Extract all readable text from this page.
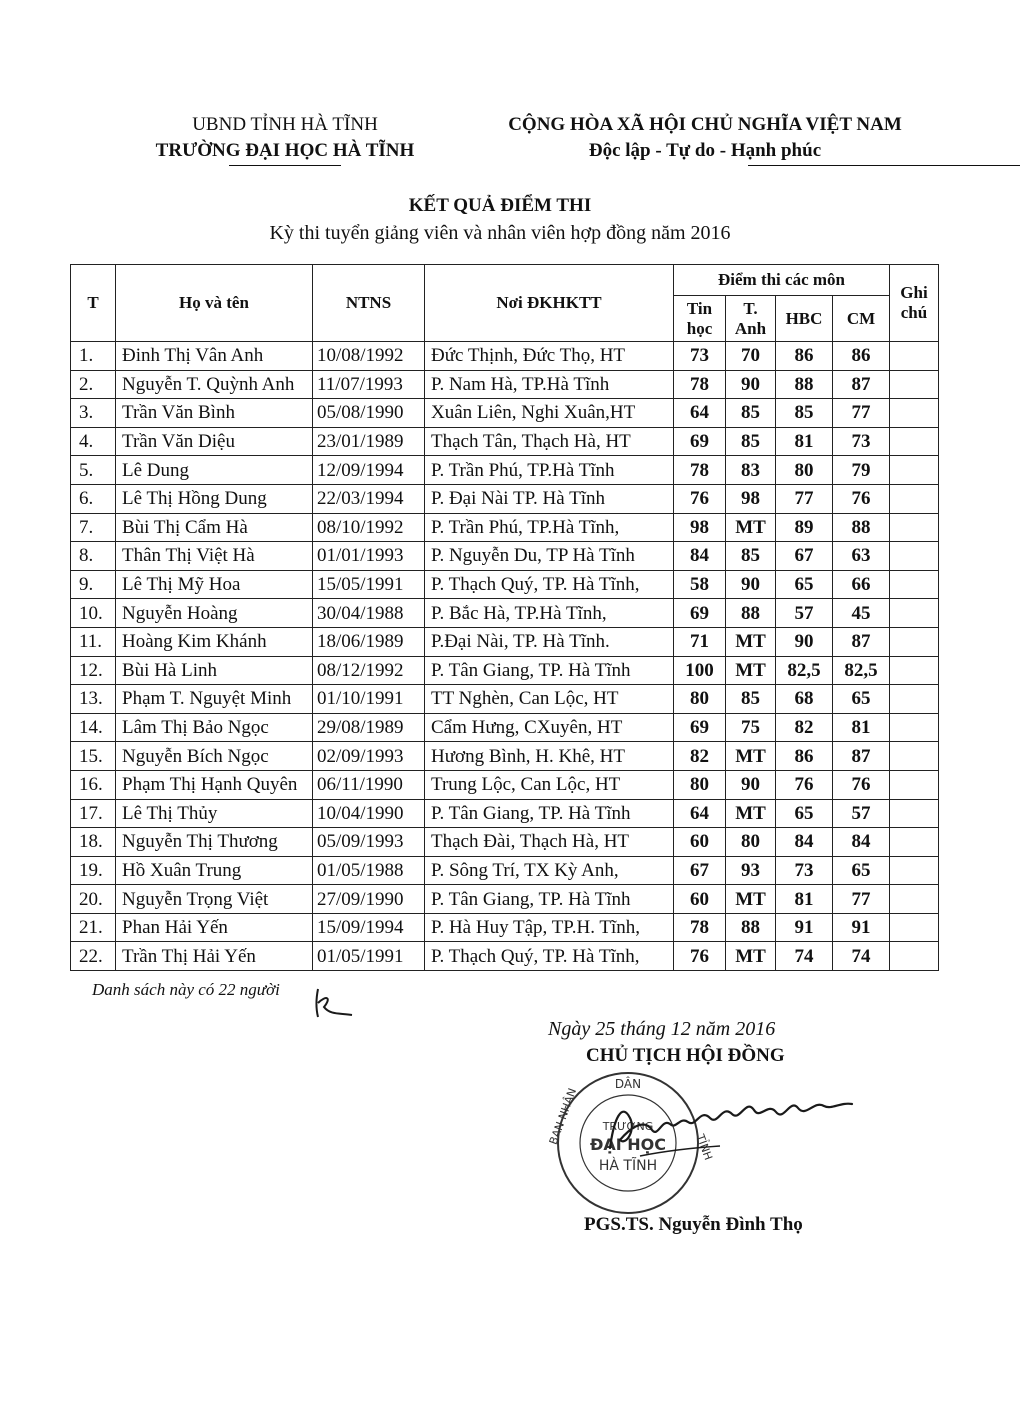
UBND TỈNH HÀ TĨNH
TRƯỜNG ĐẠI HỌC HÀ TĨNH
CỘNG HÒA XÃ HỘI CHỦ NGHĨA VIỆT NAM
Độc lập - Tự do - Hạnh phúc
KẾT QUẢ ĐIỂM THI
Kỳ thi tuyển giảng viên và nhân viên hợp đồng năm 2016
T	Họ và tên	NTNS	Nơi ĐKHKTT	Điểm thi các môn				Ghi chú
				Tin học	T. Anh	HBC	CM	
1.	Đinh Thị Vân Anh	10/08/1992	Đức Thịnh, Đức Thọ, HT	73	70	86	86	
2.	Nguyễn T. Quỳnh Anh	11/07/1993	P. Nam Hà, TP.Hà Tĩnh	78	90	88	87	
3.	Trần Văn Bình	05/08/1990	Xuân Liên, Nghi Xuân,HT	64	85	85	77	
4.	Trần Văn Diệu	23/01/1989	Thạch Tân, Thạch Hà, HT	69	85	81	73	
5.	Lê Dung	12/09/1994	P. Trần Phú, TP.Hà Tĩnh	78	83	80	79	
6.	Lê Thị Hồng Dung	22/03/1994	P. Đại Nài TP. Hà Tĩnh	76	98	77	76	
7.	Bùi Thị Cẩm Hà	08/10/1992	P. Trần Phú, TP.Hà Tĩnh,	98	MT	89	88	
8.	Thân Thị Việt Hà	01/01/1993	P. Nguyễn Du, TP Hà Tĩnh	84	85	67	63	
9.	Lê Thị Mỹ Hoa	15/05/1991	P. Thạch Quý, TP. Hà Tĩnh,	58	90	65	66	
10.	Nguyễn Hoàng	30/04/1988	P. Bắc Hà, TP.Hà Tĩnh,	69	88	57	45	
11.	Hoàng Kim Khánh	18/06/1989	P.Đại Nài, TP. Hà Tĩnh.	71	MT	90	87	
12.	Bùi Hà Linh	08/12/1992	P. Tân Giang, TP. Hà Tĩnh	100	MT	82,5	82,5	
13.	Phạm T. Nguyệt Minh	01/10/1991	TT Nghèn, Can Lộc, HT	80	85	68	65	
14.	Lâm Thị Bảo Ngọc	29/08/1989	Cẩm Hưng, CXuyên, HT	69	75	82	81	
15.	Nguyễn Bích Ngọc	02/09/1993	Hương Bình, H. Khê, HT	82	MT	86	87	
16.	Phạm Thị Hạnh Quyên	06/11/1990	Trung Lộc, Can Lộc, HT	80	90	76	76	
17.	Lê Thị Thủy	10/04/1990	P. Tân Giang, TP. Hà Tĩnh	64	MT	65	57	
18.	Nguyễn Thị Thương	05/09/1993	Thạch Đài, Thạch Hà, HT	60	80	84	84	
19.	Hồ Xuân Trung	01/05/1988	P. Sông Trí, TX Kỳ Anh,	67	93	73	65	
20.	Nguyễn Trọng Việt	27/09/1990	P. Tân Giang, TP. Hà Tĩnh	60	MT	81	77	
21.	Phan Hải Yến	15/09/1994	P. Hà Huy Tập, TP.H. Tĩnh,	78	88	91	91	
22.	Trần Thị Hải Yến	01/05/1991	P. Thạch Quý, TP. Hà Tĩnh,	76	MT	74	74	
Danh sách này có 22 người
Ngày 25 tháng 12 năm 2016
CHỦ TỊCH HỘI ĐỒNG
DÂN
BAN NHÂN
TỈNH
TRƯỜNG
ĐẠI HỌC
HÀ TĨNH
PGS.TS. Nguyễn Đình Thọ
